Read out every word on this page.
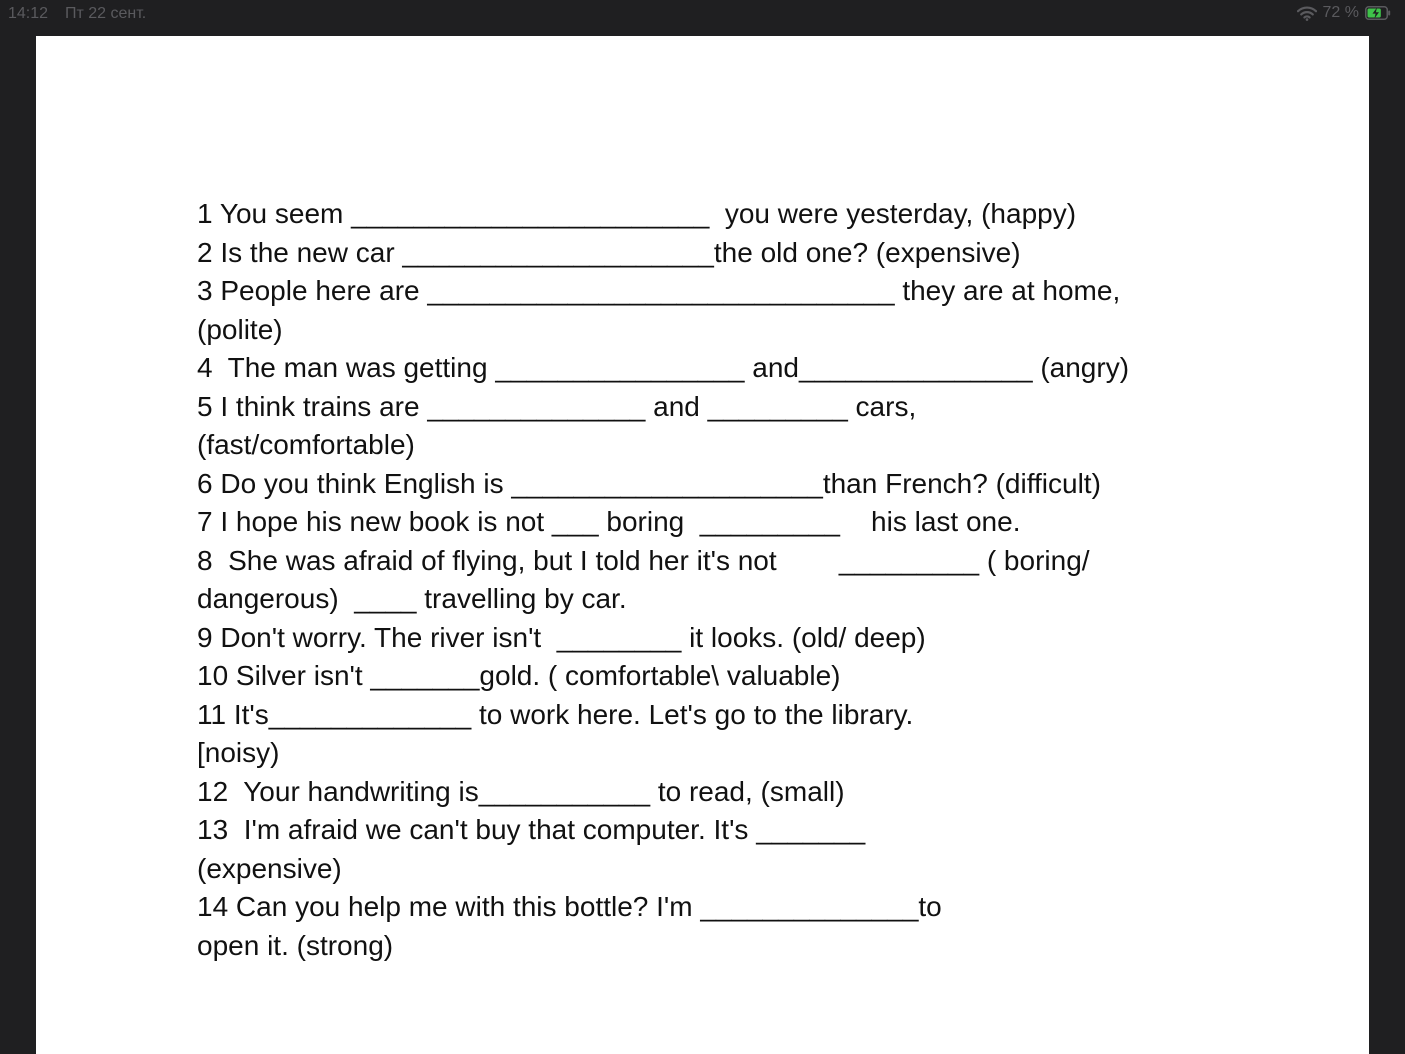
14:12 Пт 22 сент.	72 %
1 You seem _______________________  you were yesterday, (happy)
2 Is the new car ____________________the old one? (expensive)
3 People here are ______________________________ they are at home,
(polite)
4  The man was getting ________________ and_______________ (angry)
5 I think trains are ______________ and _________ cars,
(fast/comfortable)
6 Do you think English is ____________________than French? (difficult)
7 I hope his new book is not ___ boring  _________    his last one.
8  She was afraid of flying, but I told her it's not        _________ ( boring/
dangerous)  ____ travelling by car.
9 Don't worry. The river isn't  ________ it looks. (old/ deep)
10 Silver isn't _______gold. ( comfortable\ valuable)
11 It's_____________ to work here. Let's go to the library.
[noisy)
12  Your handwriting is___________ to read, (small)
13  I'm afraid we can't buy that computer. It's _______
(expensive)
14 Can you help me with this bottle? I'm ______________to
open it. (strong)
